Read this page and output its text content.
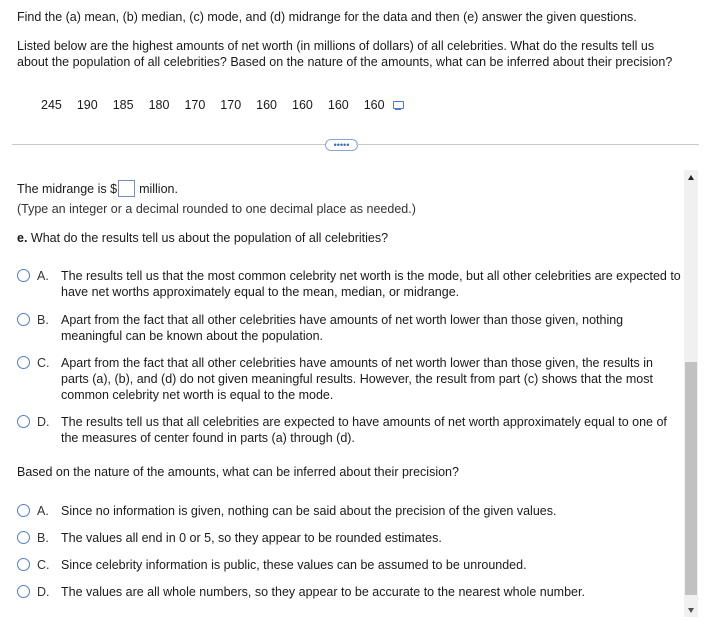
Find the (a) mean, (b) median, (c) mode, and (d) midrange for the data and then (e) answer the given questions.

Listed below are the highest amounts of net worth (in millions of dollars) of all celebrities. What do the results tell us about the population of all celebrities? Based on the nature of the amounts, what can be inferred about their precision?

245 190 185 180 170 170 160 160 160 160
•••••
The midrange is $ million.

(Type an integer or a decimal rounded to one decimal place as needed.)

e. What do the results tell us about the population of all celebrities?

A. The results tell us that the most common celebrity net worth is the mode, but all other celebrities are expected to have net worths approximately equal to the mean, median, or midrange.
B. Apart from the fact that all other celebrities have amounts of net worth lower than those given, nothing meaningful can be known about the population.
C. Apart from the fact that all other celebrities have amounts of net worth lower than those given, the results in parts (a), (b), and (d) do not given meaningful results. However, the result from part (c) shows that the most common celebrity net worth is equal to the mode.
D. The results tell us that all celebrities are expected to have amounts of net worth approximately equal to one of the measures of center found in parts (a) through (d).

Based on the nature of the amounts, what can be inferred about their precision?

A. Since no information is given, nothing can be said about the precision of the given values.
B. The values all end in 0 or 5, so they appear to be rounded estimates.
C. Since celebrity information is public, these values can be assumed to be unrounded.
D. The values are all whole numbers, so they appear to be accurate to the nearest whole number.
